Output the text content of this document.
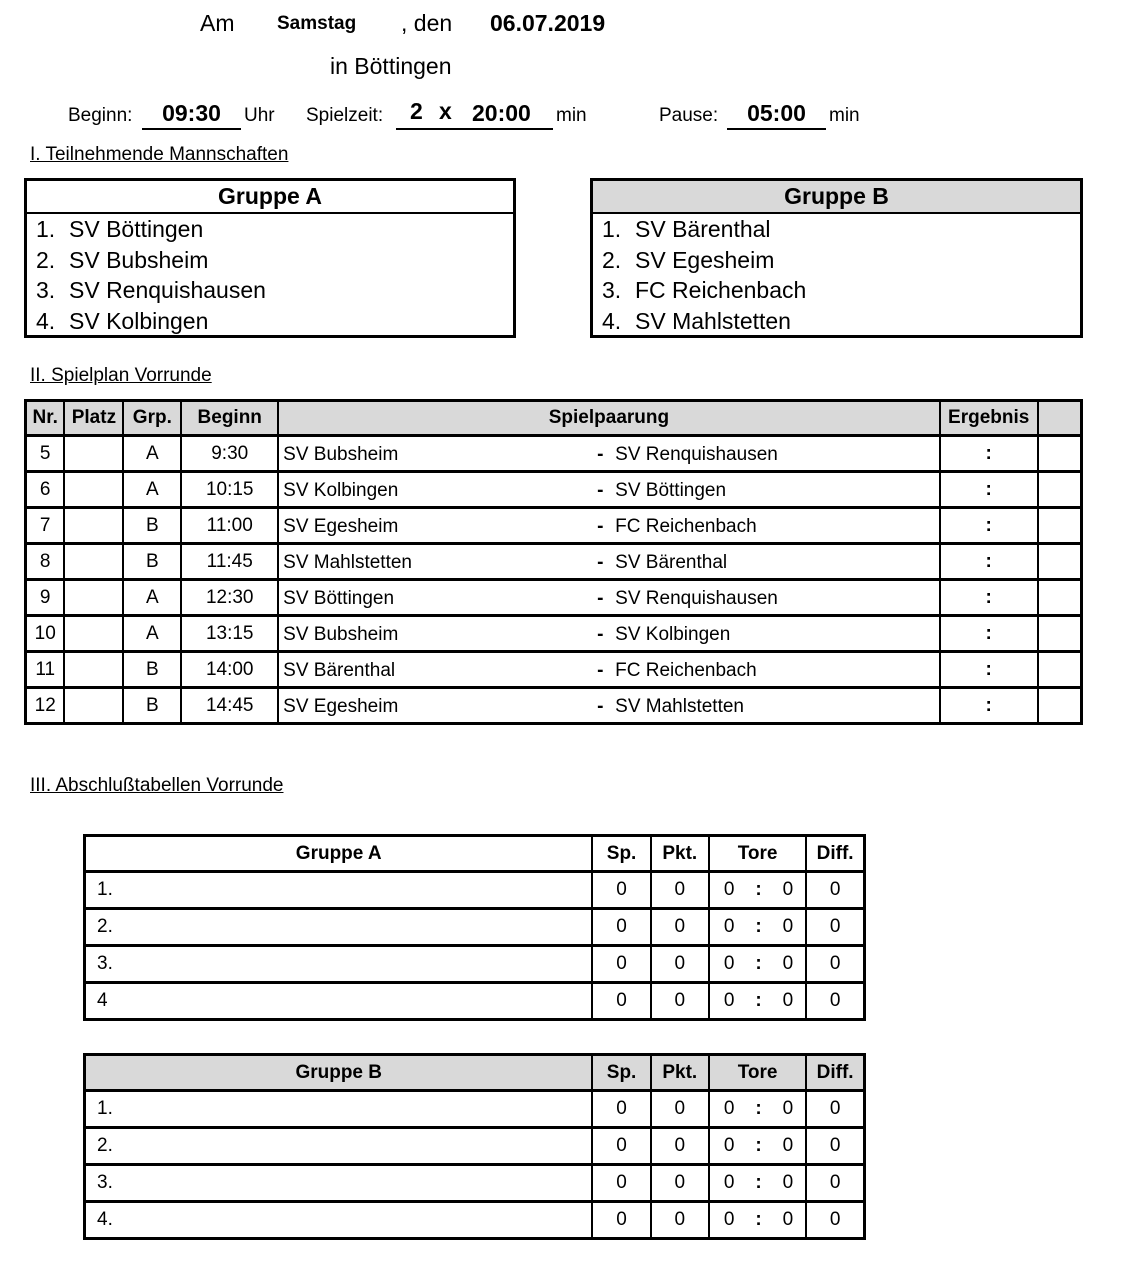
Am Samstag , den 06.07.2019
in Böttingen
Beginn:	09:30	Uhr Spielzeit: 2 x 20:00 min	Pause:	05:00	min
I. Teilnehmende Mannschaften
Gruppe A
1. SV Böttingen
2. SV Bubsheim
3. SV Renquishausen
4. SV Kolbingen
Gruppe B
1. SV Bärenthal
2. SV Egesheim
3. FC Reichenbach
4. SV Mahlstetten
II. Spielplan Vorrunde
Nr.	Platz	Grp.	Beginn	Spielpaarung	Ergebnis	
5		A	9:30	SV Bubsheim - SV Renquishausen	:	
6		A	10:15	SV Kolbingen - SV Böttingen	:	
7		B	11:00	SV Egesheim - FC Reichenbach	:	
8		B	11:45	SV Mahlstetten - SV Bärenthal	:	
9		A	12:30	SV Böttingen - SV Renquishausen	:	
10		A	13:15	SV Bubsheim - SV Kolbingen	:	
11		B	14:00	SV Bärenthal - FC Reichenbach	:	
12		B	14:45	SV Egesheim - SV Mahlstetten	:	
III. Abschlußtabellen Vorrunde
Gruppe A	Sp.	Pkt.	Tore	Diff.
1.	0	0	0 : 0	0
2.	0	0	0 : 0	0
3.	0	0	0 : 0	0
4	0	0	0 : 0	0
Gruppe B	Sp.	Pkt.	Tore	Diff.
1.	0	0	0 : 0	0
2.	0	0	0 : 0	0
3.	0	0	0 : 0	0
4.	0	0	0 : 0	0
